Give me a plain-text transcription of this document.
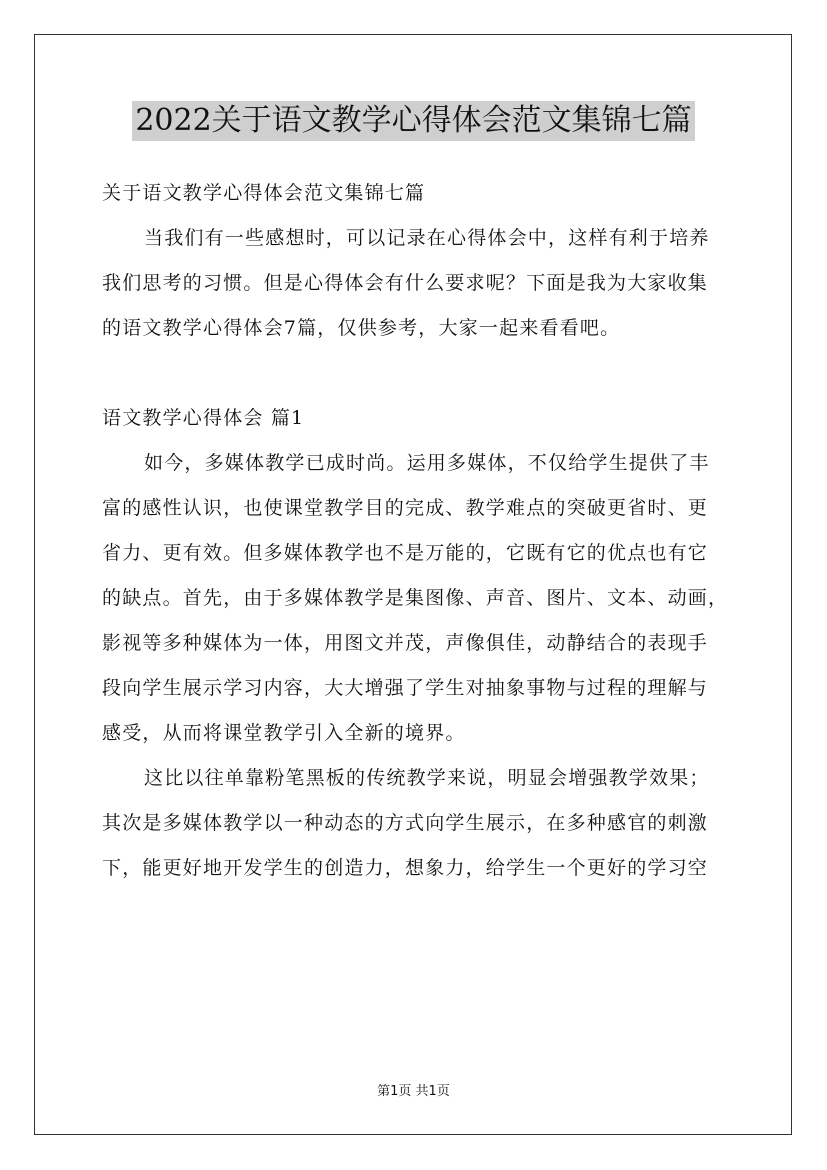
2022关于语文教学心得体会范文集锦七篇
关于语文教学心得体会范文集锦七篇
当我们有一些感想时，可以记录在心得体会中，这样有利于培养
我们思考的习惯。但是心得体会有什么要求呢？下面是我为大家收集
的语文教学心得体会7篇，仅供参考，大家一起来看看吧。
语文教学心得体会 篇1
如今，多媒体教学已成时尚。运用多媒体，不仅给学生提供了丰
富的感性认识，也使课堂教学目的完成、教学难点的突破更省时、更
省力、更有效。但多媒体教学也不是万能的，它既有它的优点也有它
的缺点。首先，由于多媒体教学是集图像、声音、图片、文本、动画，
影视等多种媒体为一体，用图文并茂，声像俱佳，动静结合的表现手
段向学生展示学习内容，大大增强了学生对抽象事物与过程的理解与
感受，从而将课堂教学引入全新的境界。
这比以往单靠粉笔黑板的传统教学来说，明显会增强教学效果；
其次是多媒体教学以一种动态的方式向学生展示，在多种感官的刺激
下，能更好地开发学生的创造力，想象力，给学生一个更好的学习空
第1页 共1页
